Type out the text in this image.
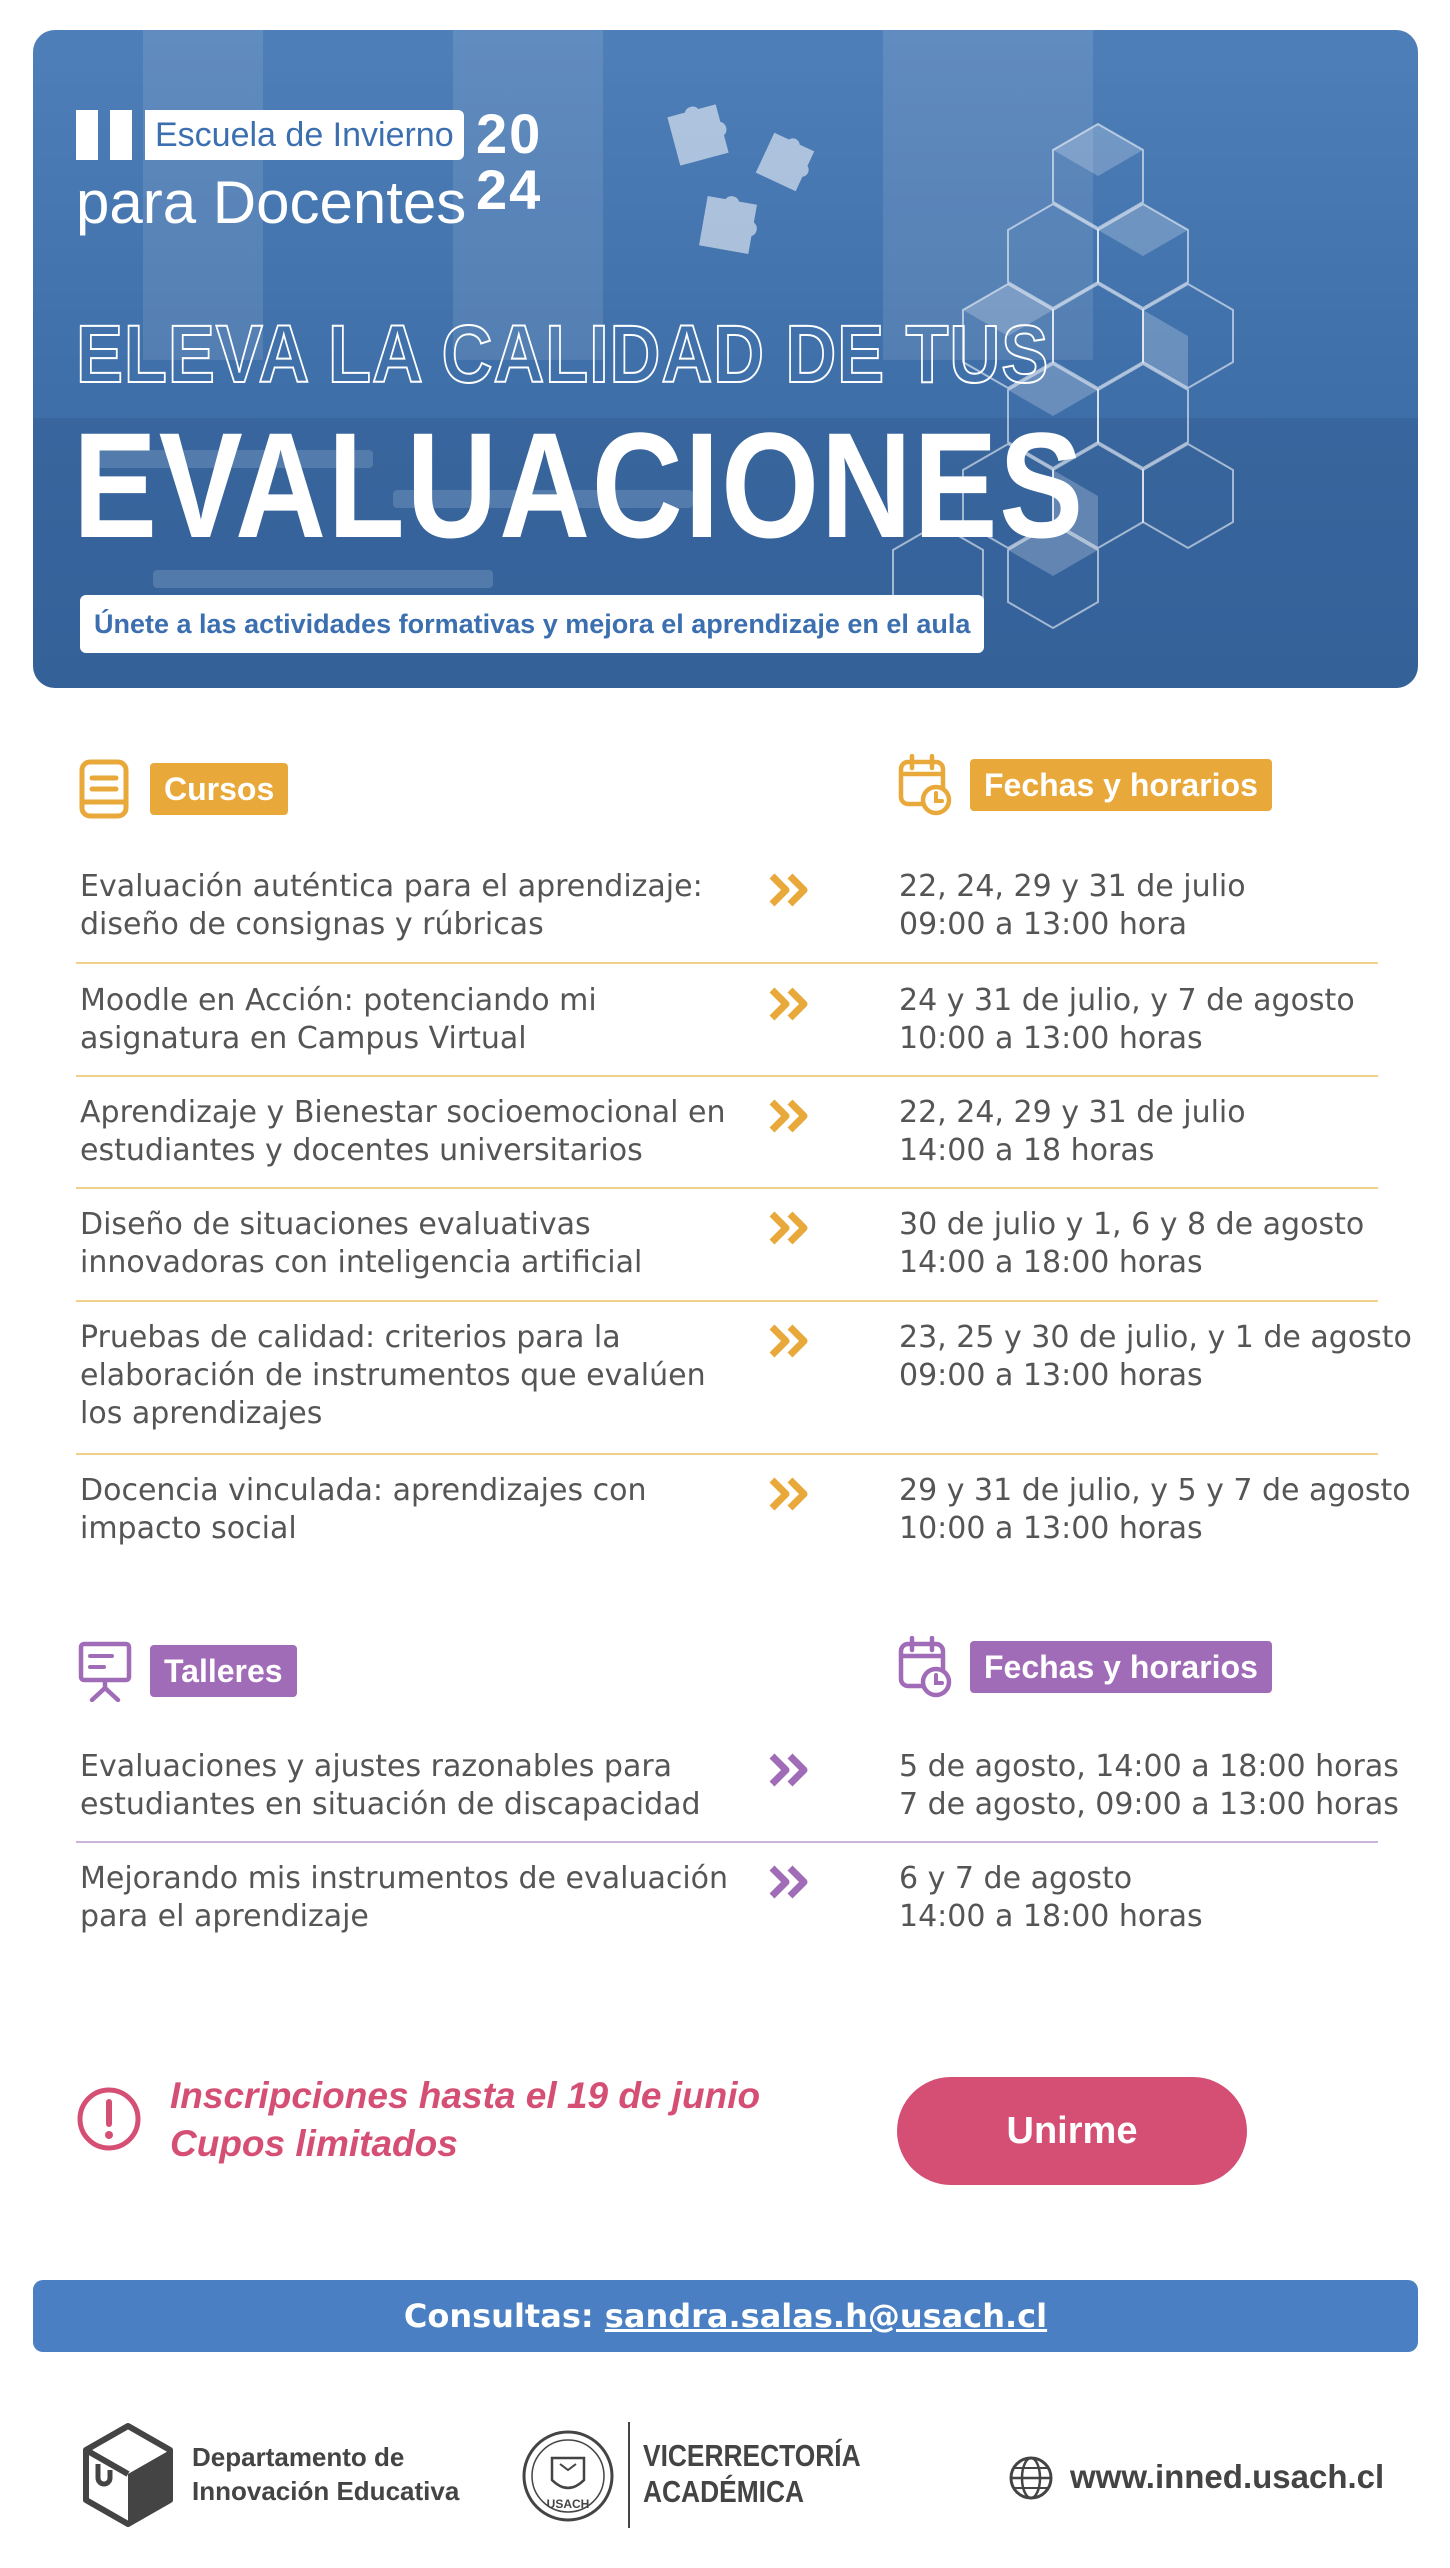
Escuela de Invierno
para Docentes
20
24
ELEVA LA CALIDAD DE TUS
EVALUACIONES
Únete a las actividades formativas y mejora el aprendizaje en el aula
Cursos	Fechas y horarios
Evaluación auténtica para el aprendizaje:
diseño de consignas y rúbricas
22, 24, 29 y 31 de julio
09:00 a 13:00 hora
Moodle en Acción: potenciando mi
asignatura en Campus Virtual
24 y 31 de julio, y 7 de agosto
10:00 a 13:00 horas
Aprendizaje y Bienestar socioemocional en
estudiantes y docentes universitarios
22, 24, 29 y 31 de julio
14:00 a 18 horas
Diseño de situaciones evaluativas
innovadoras con inteligencia artificial
30 de julio y 1, 6 y 8 de agosto
14:00 a 18:00 horas
Pruebas de calidad: criterios para la
elaboración de instrumentos que evalúen
los aprendizajes
23, 25 y 30 de julio, y 1 de agosto
09:00 a 13:00 horas
Docencia vinculada: aprendizajes con
impacto social
29 y 31 de julio, y 5 y 7 de agosto
10:00 a 13:00 horas
Talleres	Fechas y horarios
Evaluaciones y ajustes razonables para
estudiantes en situación de discapacidad
5 de agosto, 14:00 a 18:00 horas
7 de agosto, 09:00 a 13:00 horas
Mejorando mis instrumentos de evaluación
para el aprendizaje
6 y 7 de agosto
14:00 a 18:00 horas
Inscripciones hasta el 19 de junio
Cupos limitados	Unirme
Consultas: sandra.salas.h@usach.cl
Departamento de
Innovación Educativa	USACH
VICERRECTORÍA
ACADÉMICA	www.inned.usach.cl
